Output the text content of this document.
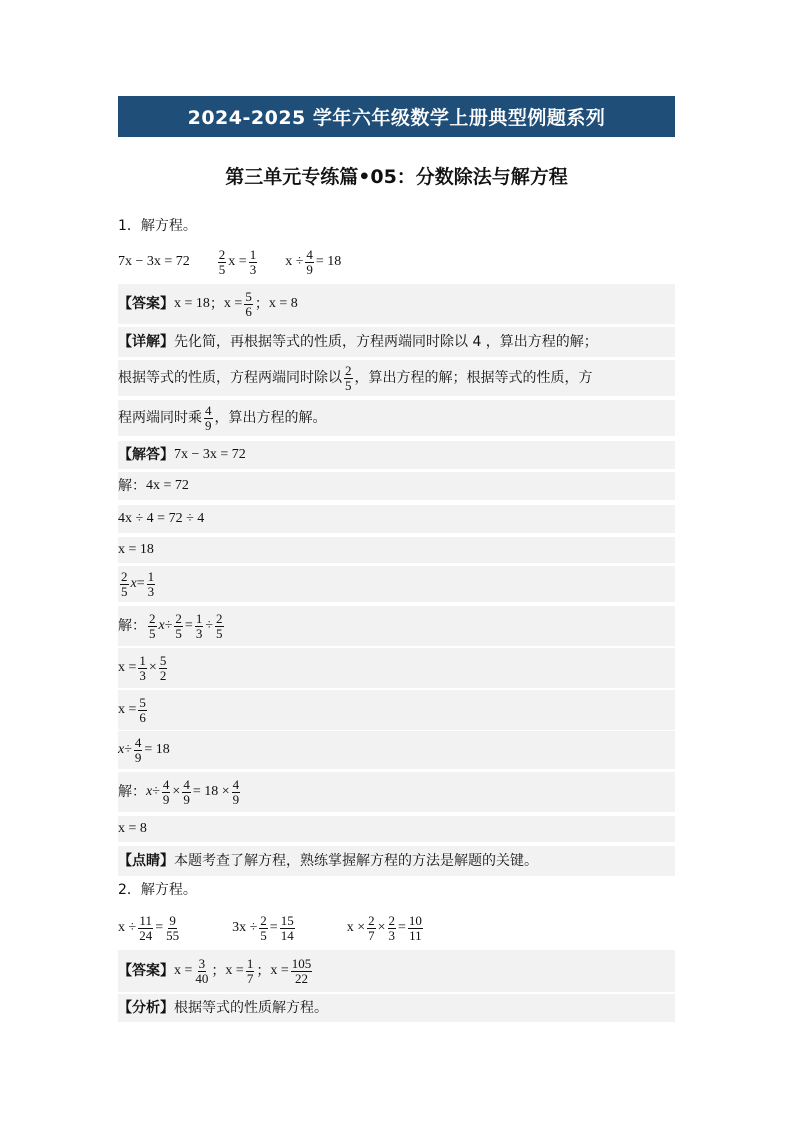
2024-2025 学年六年级数学上册典型例题系列
第三单元专练篇•05：分数除法与解方程
1．解方程。
$7x - 3x = 72 \frac{2}{5}$ $x = \frac{1}{3}$ $x \div \frac{4}{9} = 18$
【答案】 x = 18 ； $x = \frac{5}{6}$ ； x = 8
【详解】 先化简，再根据等式的性质，方程两端同时除以 4 ，算出方程的解；
根据等式的性质，方程两端同时除以 $\frac{2}{5}$ ，算出方程的解；根据等式的性质，方
程两端同时乘 $\frac{4}{9}$ ，算出方程的解。
【解答】 7x − 3x = 72
解： 4x = 72
4x ÷ 4 = 72 ÷ 4
x = 18
$\frac{2}{5}$ $x = \frac{1}{3}$
解： $\frac{2}{5}$ $x \div \frac{2}{5} = \frac{1}{3} \div \frac{2}{5}$
$x = \frac{1}{3} \times \frac{5}{2}$
$x = \frac{5}{6}$
$x \div \frac{4}{9} = 18$
解： $x \div \frac{4}{9} \times \frac{4}{9} = 18 \times \frac{4}{9}$
x = 8
【点睛】 本题考查了解方程，熟练掌握解方程的方法是解题的关键。
2．解方程。
$x \div \frac{11}{24} = \frac{9}{55}$	$3x \div \frac{2}{5} = \frac{15}{14}$	$x \times \frac{2}{7} \times \frac{2}{3} = \frac{10}{11}$
【答案】 $x = \frac{3}{40}$ ； $x = \frac{1}{7}$ ； $x = \frac{105}{22}$
【分析】 根据等式的性质解方程。
